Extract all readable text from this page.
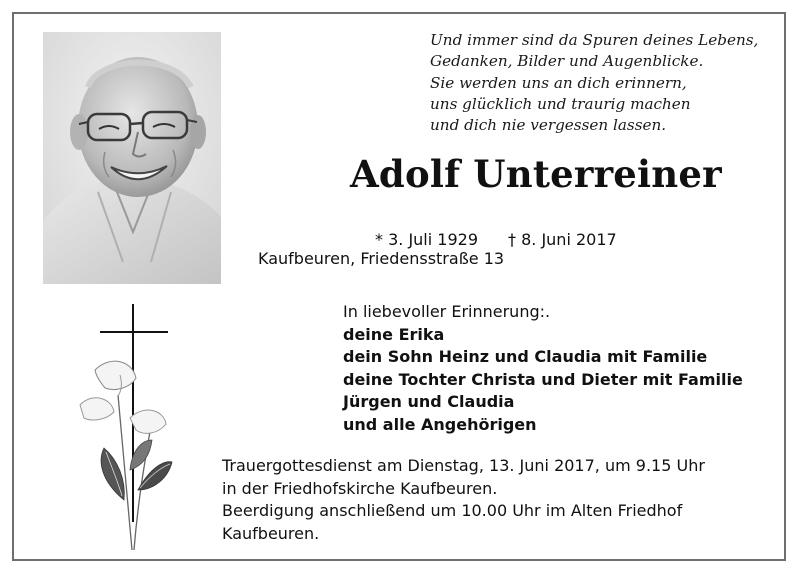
Und immer sind da Spuren deines Lebens,
Gedanken, Bilder und Augenblicke.
Sie werden uns an dich erinnern,
uns glücklich und traurig machen
und dich nie vergessen lassen.
Adolf Unterreiner
* 3. Juli 1929 † 8. Juni 2017
Kaufbeuren, Friedensstraße 13
In liebevoller Erinnerung:.
deine Erika
dein Sohn Heinz und Claudia mit Familie
deine Tochter Christa und Dieter mit Familie
Jürgen und Claudia
und alle Angehörigen
Trauergottesdienst am Dienstag, 13. Juni 2017, um 9.15 Uhr
in der Friedhofskirche Kaufbeuren.
Beerdigung anschließend um 10.00 Uhr im Alten Friedhof
Kaufbeuren.
